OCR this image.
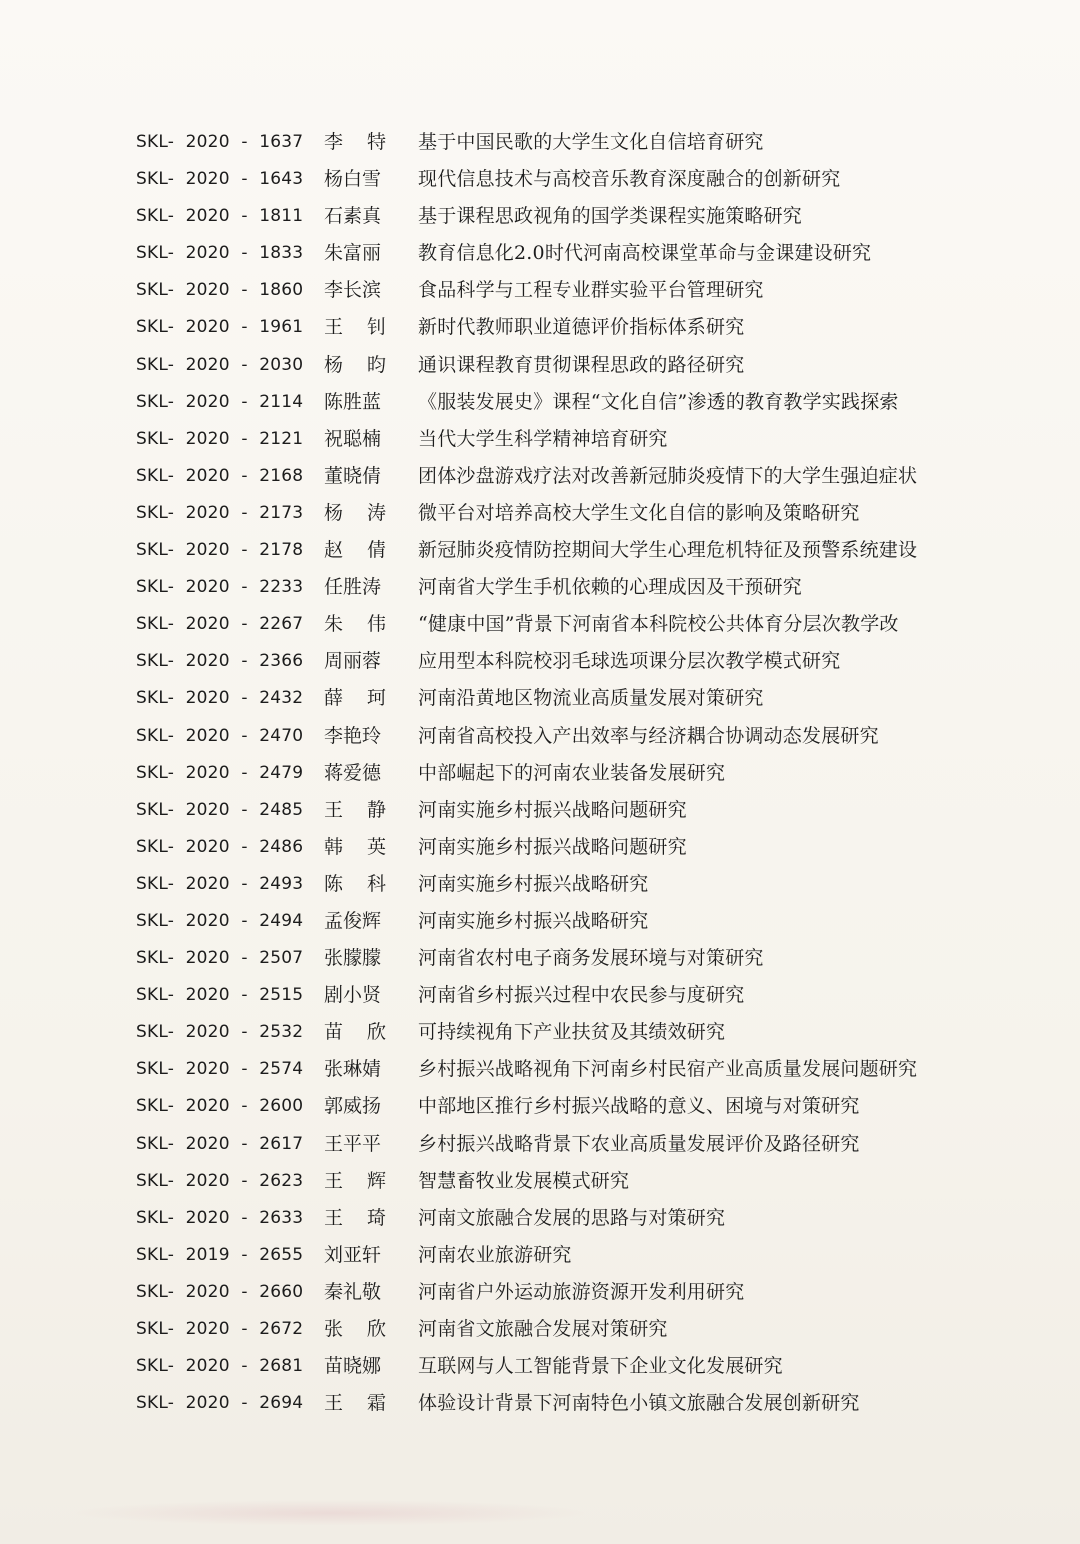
SKL- 2020 - 1637 李特 基于中国民歌的大学生文化自信培育研究
SKL- 2020 - 1643 杨白雪 现代信息技术与高校音乐教育深度融合的创新研究
SKL- 2020 - 1811 石素真 基于课程思政视角的国学类课程实施策略研究
SKL- 2020 - 1833 朱富丽 教育信息化2.0时代河南高校课堂革命与金课建设研究
SKL- 2020 - 1860 李长滨 食品科学与工程专业群实验平台管理研究
SKL- 2020 - 1961 王钊 新时代教师职业道德评价指标体系研究
SKL- 2020 - 2030 杨昀 通识课程教育贯彻课程思政的路径研究
SKL- 2020 - 2114 陈胜蓝 《服装发展史》课程“文化自信”渗透的教育教学实践探索
SKL- 2020 - 2121 祝聪楠 当代大学生科学精神培育研究
SKL- 2020 - 2168 董晓倩 团体沙盘游戏疗法对改善新冠肺炎疫情下的大学生强迫症状
SKL- 2020 - 2173 杨涛 微平台对培养高校大学生文化自信的影响及策略研究
SKL- 2020 - 2178 赵倩 新冠肺炎疫情防控期间大学生心理危机特征及预警系统建设
SKL- 2020 - 2233 任胜涛 河南省大学生手机依赖的心理成因及干预研究
SKL- 2020 - 2267 朱伟 “健康中国”背景下河南省本科院校公共体育分层次教学改
SKL- 2020 - 2366 周丽蓉 应用型本科院校羽毛球选项课分层次教学模式研究
SKL- 2020 - 2432 薛珂 河南沿黄地区物流业高质量发展对策研究
SKL- 2020 - 2470 李艳玲 河南省高校投入产出效率与经济耦合协调动态发展研究
SKL- 2020 - 2479 蒋爱德 中部崛起下的河南农业装备发展研究
SKL- 2020 - 2485 王静 河南实施乡村振兴战略问题研究
SKL- 2020 - 2486 韩英 河南实施乡村振兴战略问题研究
SKL- 2020 - 2493 陈科 河南实施乡村振兴战略研究
SKL- 2020 - 2494 孟俊辉 河南实施乡村振兴战略研究
SKL- 2020 - 2507 张朦朦 河南省农村电子商务发展环境与对策研究
SKL- 2020 - 2515 剧小贤 河南省乡村振兴过程中农民参与度研究
SKL- 2020 - 2532 苗欣 可持续视角下产业扶贫及其绩效研究
SKL- 2020 - 2574 张琳婧 乡村振兴战略视角下河南乡村民宿产业高质量发展问题研究
SKL- 2020 - 2600 郭威扬 中部地区推行乡村振兴战略的意义、困境与对策研究
SKL- 2020 - 2617 王平平 乡村振兴战略背景下农业高质量发展评价及路径研究
SKL- 2020 - 2623 王辉 智慧畜牧业发展模式研究
SKL- 2020 - 2633 王琦 河南文旅融合发展的思路与对策研究
SKL- 2019 - 2655 刘亚轩 河南农业旅游研究
SKL- 2020 - 2660 秦礼敬 河南省户外运动旅游资源开发利用研究
SKL- 2020 - 2672 张欣 河南省文旅融合发展对策研究
SKL- 2020 - 2681 苗晓娜 互联网与人工智能背景下企业文化发展研究
SKL- 2020 - 2694 王霜 体验设计背景下河南特色小镇文旅融合发展创新研究
